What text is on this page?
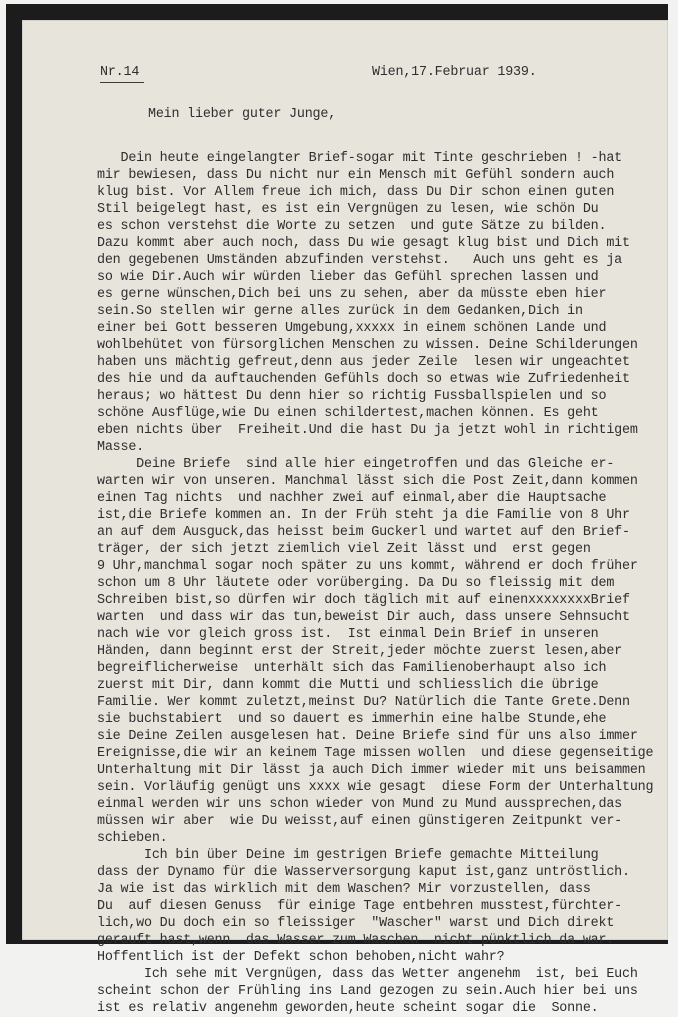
Nr.14	Wien,17.Februar 1939.
Mein lieber guter Junge,
Dein heute eingelangter Brief-sogar mit Tinte geschrieben ! -hat
mir bewiesen, dass Du nicht nur ein Mensch mit Gefühl sondern auch
klug bist. Vor Allem freue ich mich, dass Du Dir schon einen guten
Stil beigelegt hast, es ist ein Vergnügen zu lesen, wie schön Du
es schon verstehst die Worte zu setzen  und gute Sätze zu bilden.
Dazu kommt aber auch noch, dass Du wie gesagt klug bist und Dich mit
den gegebenen Umständen abzufinden verstehst.   Auch uns geht es ja
so wie Dir.Auch wir würden lieber das Gefühl sprechen lassen und
es gerne wünschen,Dich bei uns zu sehen, aber da müsste eben hier
sein.So stellen wir gerne alles zurück in dem Gedanken,Dich in
einer bei Gott besseren Umgebung,xxxxx in einem schönen Lande und
wohlbehütet von fürsorglichen Menschen zu wissen. Deine Schilderungen
haben uns mächtig gefreut,denn aus jeder Zeile  lesen wir ungeachtet
des hie und da auftauchenden Gefühls doch so etwas wie Zufriedenheit
heraus; wo hättest Du denn hier so richtig Fussballspielen und so
schöne Ausflüge,wie Du einen schildertest,machen können. Es geht
eben nichts über  Freiheit.Und die hast Du ja jetzt wohl in richtigem
Masse.
Deine Briefe  sind alle hier eingetroffen und das Gleiche er-
warten wir von unseren. Manchmal lässt sich die Post Zeit,dann kommen
einen Tag nichts  und nachher zwei auf einmal,aber die Hauptsache
ist,die Briefe kommen an. In der Früh steht ja die Familie von 8 Uhr
an auf dem Ausguck,das heisst beim Guckerl und wartet auf den Brief-
träger, der sich jetzt ziemlich viel Zeit lässt und  erst gegen
9 Uhr,manchmal sogar noch später zu uns kommt, während er doch früher
schon um 8 Uhr läutete oder vorüberging. Da Du so fleissig mit dem
Schreiben bist,so dürfen wir doch täglich mit auf einenxxxxxxxxBrief
warten  und dass wir das tun,beweist Dir auch, dass unsere Sehnsucht
nach wie vor gleich gross ist.  Ist einmal Dein Brief in unseren
Händen, dann beginnt erst der Streit,jeder möchte zuerst lesen,aber
begreiflicherweise  unterhält sich das Familienoberhaupt also ich
zuerst mit Dir, dann kommt die Mutti und schliesslich die übrige
Familie. Wer kommt zuletzt,meinst Du? Natürlich die Tante Grete.Denn
sie buchstabiert  und so dauert es immerhin eine halbe Stunde,ehe
sie Deine Zeilen ausgelesen hat. Deine Briefe sind für uns also immer
Ereignisse,die wir an keinem Tage missen wollen  und diese gegenseitige
Unterhaltung mit Dir lässt ja auch Dich immer wieder mit uns beisammen
sein. Vorläufig genügt uns xxxx wie gesagt  diese Form der Unterhaltung
einmal werden wir uns schon wieder von Mund zu Mund aussprechen,das
müssen wir aber  wie Du weisst,auf einen günstigeren Zeitpunkt ver-
schieben.
Ich bin über Deine im gestrigen Briefe gemachte Mitteilung
dass der Dynamo für die Wasserversorgung kaput ist,ganz untröstlich.
Ja wie ist das wirklich mit dem Waschen? Mir vorzustellen, dass
Du  auf diesen Genuss  für einige Tage entbehren musstest,fürchter-
lich,wo Du doch ein so fleissiger  "Wascher" warst und Dich direkt
gerauft hast,wenn  das Wasser zum Waschen  nicht pünktlich da war.
Hoffentlich ist der Defekt schon behoben,nicht wahr?
Ich sehe mit Vergnügen, dass das Wetter angenehm  ist, bei Euch
scheint schon der Frühling ins Land gezogen zu sein.Auch hier bei uns
ist es relativ angenehm geworden,heute scheint sogar die  Sonne.
